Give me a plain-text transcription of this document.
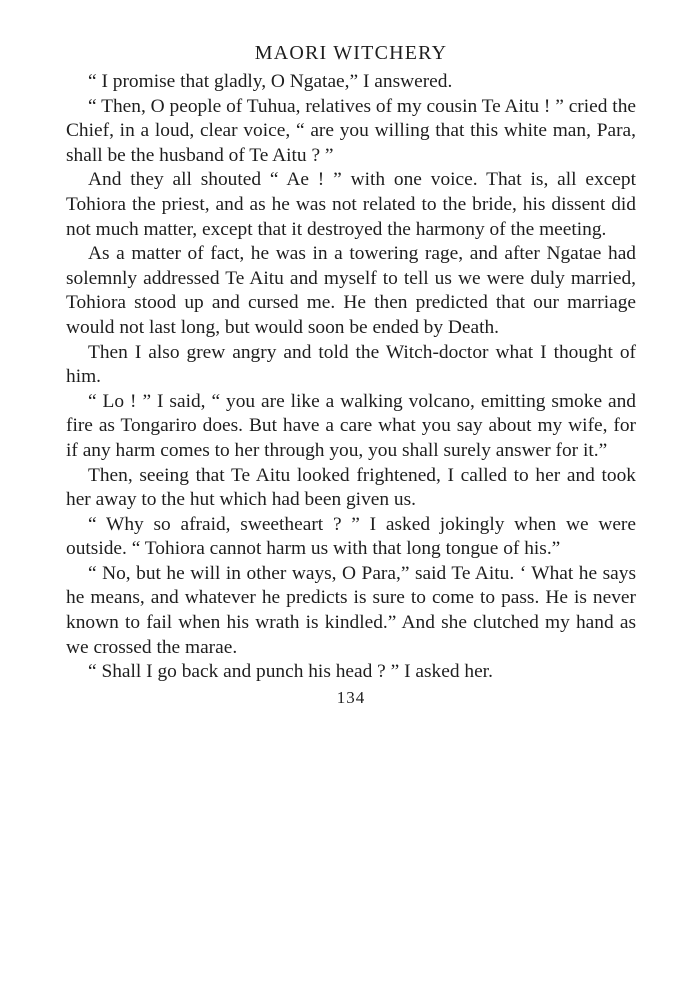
MAORI WITCHERY

“ I promise that gladly, O Ngatae,” I answered.

“ Then, O people of Tuhua, relatives of my cousin Te Aitu ! ” cried the Chief, in a loud, clear voice, “ are you willing that this white man, Para, shall be the husband of Te Aitu ? ”

And they all shouted “ Ae ! ” with one voice. That is, all except Tohiora the priest, and as he was not related to the bride, his dissent did not much matter, except that it destroyed the harmony of the meeting.

As a matter of fact, he was in a towering rage, and after Ngatae had solemnly addressed Te Aitu and myself to tell us we were duly married, Tohiora stood up and cursed me. He then predicted that our marriage would not last long, but would soon be ended by Death.

Then I also grew angry and told the Witch-doctor what I thought of him.

“ Lo ! ” I said, “ you are like a walking volcano, emitting smoke and fire as Tongariro does. But have a care what you say about my wife, for if any harm comes to her through you, you shall surely answer for it.”

Then, seeing that Te Aitu looked frightened, I called to her and took her away to the hut which had been given us.

“ Why so afraid, sweetheart ? ” I asked jokingly when we were outside. “ Tohiora cannot harm us with that long tongue of his.”

“ No, but he will in other ways, O Para,” said Te Aitu. ‘ What he says he means, and whatever he predicts is sure to come to pass. He is never known to fail when his wrath is kindled.” And she clutched my hand as we crossed the marae.

“ Shall I go back and punch his head ? ” I asked her.

134
